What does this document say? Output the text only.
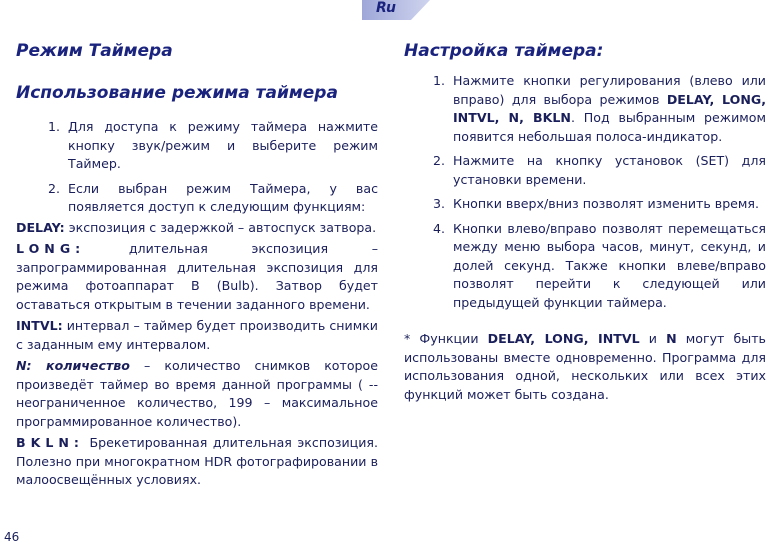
Ru
Режим Таймера
Использование режима таймера
1. Для доступа к режиму таймера нажмите кнопку звук/режим и выберите режим Таймер.
2. Если выбран режим Таймера, у вас появляется доступ к следующим функциям:

DELAY: экспозиция с задержкой – автоспуск затвора.

LONG: длительная экспозиция – запрограммированная длительная экспозиция для режима фотоаппарат B (Bulb). Затвор будет оставаться открытым в течении заданного времени.

INTVL: интервал – таймер будет производить снимки с заданным ему интервалом.

N: количество – количество снимков которое произведёт таймер во время данной программы ( -- неограниченное количество, 199 – максимальное программированное количество).

BKLN: Брекетированная длительная экспозиция. Полезно при многократном HDR фотографировании в малоосвещённых условиях.

Настройка таймера:
1. Нажмите кнопки регулирования (влево или вправо) для выбора режимов DELAY, LONG, INTVL, N, BKLN. Под выбранным режимом появится небольшая полоса-индикатор.
2. Нажмите на кнопку установок (SET) для установки времени.
3. Кнопки вверх/вниз позволят изменить время.
4. Кнопки влево/вправо позволят перемещаться между меню выбора часов, минут, секунд, и долей секунд. Также кнопки влеве/вправо позволят перейти к следующей или предыдущей функции таймера.

* Функции DELAY, LONG, INTVL и N могут быть использованы вместе одновременно. Программа для использования одной, нескольких или всех этих функций может быть создана.

46
